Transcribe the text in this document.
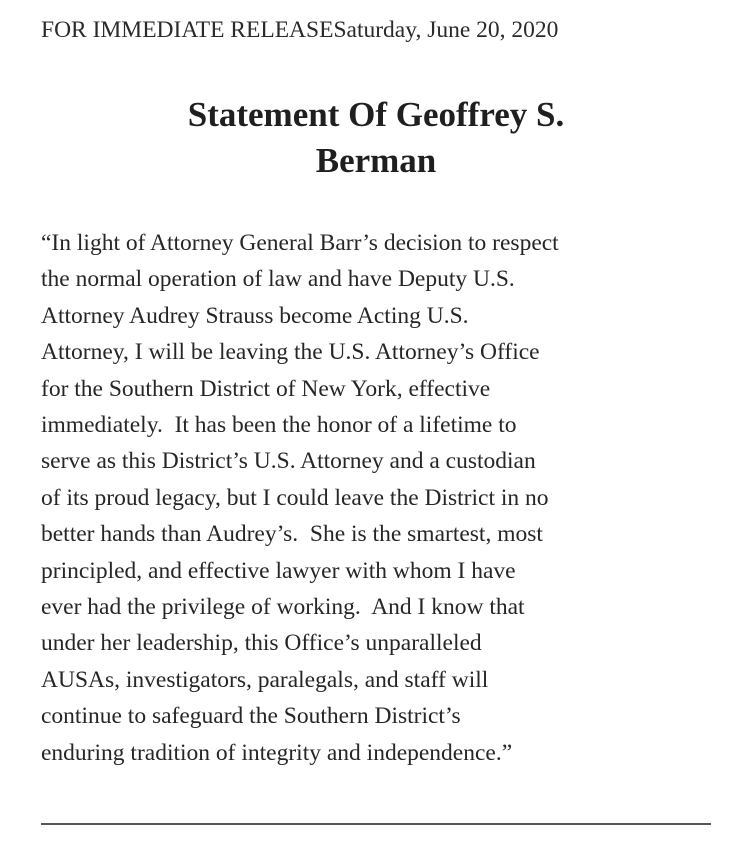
FOR IMMEDIATE RELEASESaturday, June 20, 2020
Statement Of Geoffrey S.
Berman
“In light of Attorney General Barr’s decision to respect
the normal operation of law and have Deputy U.S.
Attorney Audrey Strauss become Acting U.S.
Attorney, I will be leaving the U.S. Attorney’s Office
for the Southern District of New York, effective
immediately.  It has been the honor of a lifetime to
serve as this District’s U.S. Attorney and a custodian
of its proud legacy, but I could leave the District in no
better hands than Audrey’s.  She is the smartest, most
principled, and effective lawyer with whom I have
ever had the privilege of working.  And I know that
under her leadership, this Office’s unparalleled
AUSAs, investigators, paralegals, and staff will
continue to safeguard the Southern District’s
enduring tradition of integrity and independence.”
